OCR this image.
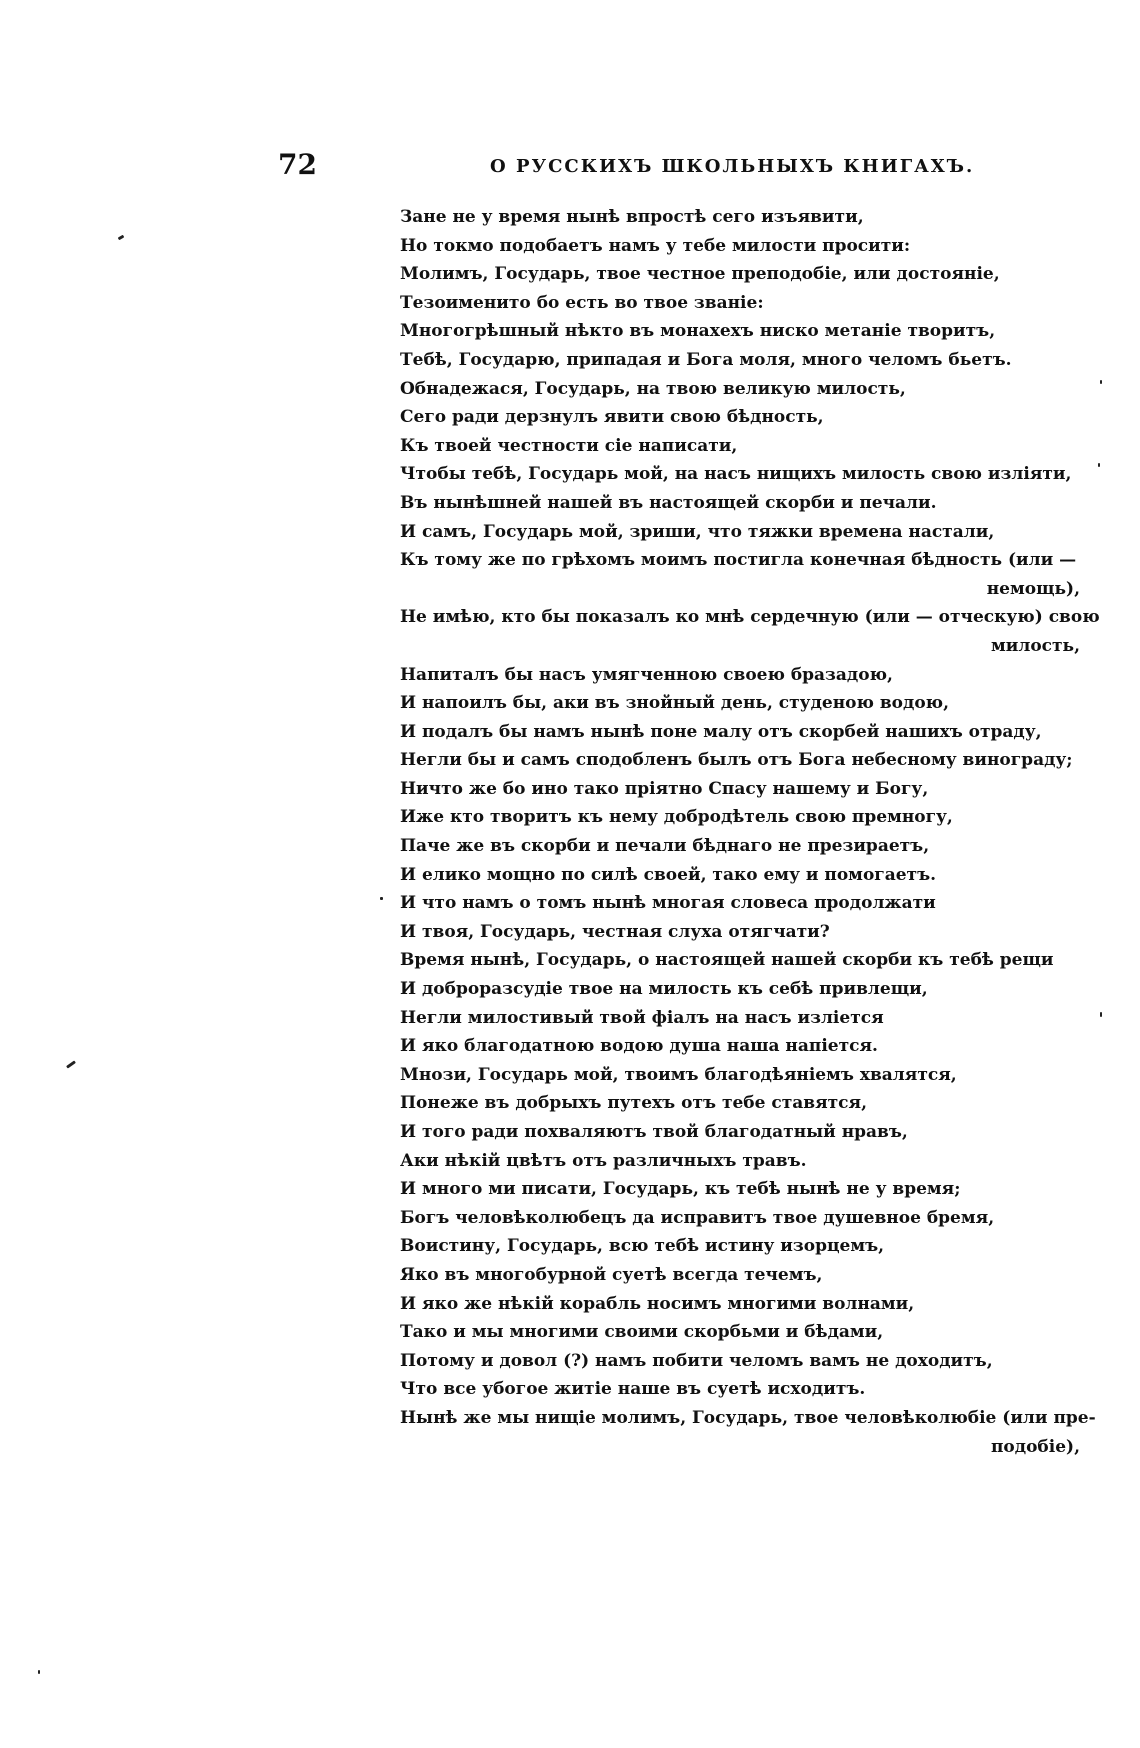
72	О РУССКИХЪ ШКОЛЬНЫХЪ КНИГАХЪ.
Зане не у время нынѣ впростѣ сего изъявити,
Но токмо подобаетъ намъ у тебе милости просити:
Молимъ, Государь, твое честное преподобіе, или достояніе,
Тезоименито бо есть во твое званіе:
Многогрѣшный нѣкто въ монахехъ ниско метаніе творитъ,
Тебѣ, Государю, припадая и Бога моля, много челомъ бьетъ.
Обнадежася, Государь, на твою великую милость,
Сего ради дерзнулъ явити свою бѣдность,
Къ твоей честности сіе написати,
Чтобы тебѣ, Государь мой, на насъ нищихъ милость свою изліяти,
Въ нынѣшней нашей въ настоящей скорби и печали.
И самъ, Государь мой, зриши, что тяжки времена настали,
Къ тому же по грѣхомъ моимъ постигла конечная бѣдность (или —
немощь),
Не имѣю, кто бы показалъ ко мнѣ сердечную (или — отческую) свою
милость,
Напиталъ бы насъ умягченною своею бразадою,
И напоилъ бы, аки въ знойный день, студеною водою,
И подалъ бы намъ нынѣ поне малу отъ скорбей нашихъ отраду,
Негли бы и самъ сподобленъ былъ отъ Бога небесному винограду;
Ничто же бо ино тако пріятно Спасу нашему и Богу,
Иже кто творитъ къ нему добродѣтель свою премногу,
Паче же въ скорби и печали бѣднаго не презираетъ,
И елико мощно по силѣ своей, тако ему и помогаетъ.
И что намъ о томъ нынѣ многая словеса продолжати
И твоя, Государь, честная слуха отягчати?
Время нынѣ, Государь, о настоящей нашей скорби къ тебѣ рещи
И доброразсудіе твое на милость къ себѣ привлещи,
Негли милостивый твой фіалъ на насъ изліется
И яко благодатною водою душа наша напіется.
Мнози, Государь мой, твоимъ благодѣяніемъ хвалятся,
Понеже въ добрыхъ путехъ отъ тебе ставятся,
И того ради похваляютъ твой благодатный нравъ,
Аки нѣкій цвѣтъ отъ различныхъ травъ.
И много ми писати, Государь, къ тебѣ нынѣ не у время;
Богъ человѣколюбецъ да исправитъ твое душевное бремя,
Воистину, Государь, всю тебѣ истину изорцемъ,
Яко въ многобурной суетѣ всегда течемъ,
И яко же нѣкій корабль носимъ многими волнами,
Тако и мы многими своими скорбьми и бѣдами,
Потому и довол (?) намъ побити челомъ вамъ не доходитъ,
Что все убогое житіе наше въ суетѣ исходитъ.
Нынѣ же мы нищіе молимъ, Государь, твое человѣколюбіе (или пре-
подобіе),
